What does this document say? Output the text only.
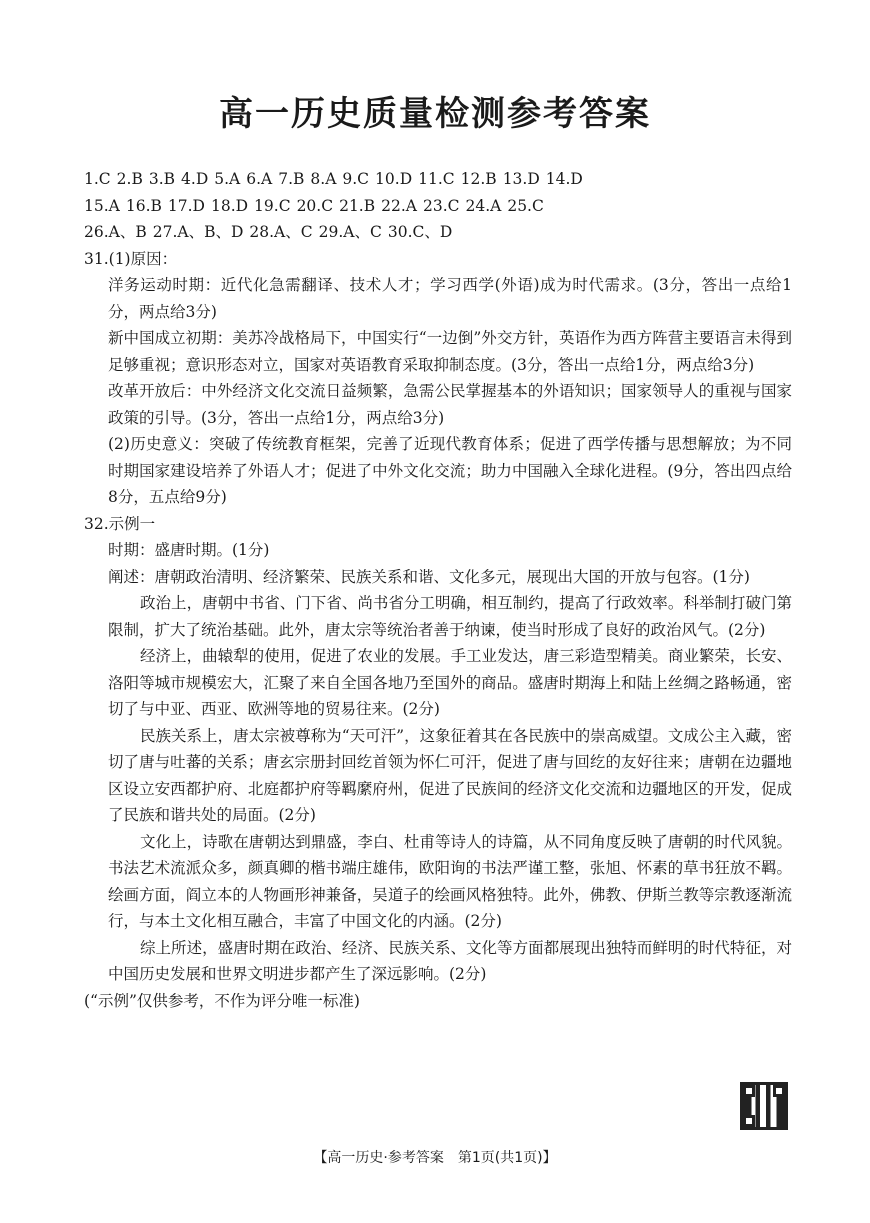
高一历史质量检测参考答案
1.C 2.B 3.B 4.D 5.A 6.A 7.B 8.A 9.C 10.D 11.C 12.B 13.D 14.D
15.A 16.B 17.D 18.D 19.C 20.C 21.B 22.A 23.C 24.A 25.C
26.A、B 27.A、B、D 28.A、C 29.A、C 30.C、D
31.(1)原因：
洋务运动时期：近代化急需翻译、技术人才；学习西学(外语)成为时代需求。(3分，答出一点给1分，两点给3分)
新中国成立初期：美苏冷战格局下，中国实行“一边倒”外交方针，英语作为西方阵营主要语言未得到足够重视；意识形态对立，国家对英语教育采取抑制态度。(3分，答出一点给1分，两点给3分)
改革开放后：中外经济文化交流日益频繁，急需公民掌握基本的外语知识；国家领导人的重视与国家政策的引导。(3分，答出一点给1分，两点给3分)
(2)历史意义：突破了传统教育框架，完善了近现代教育体系；促进了西学传播与思想解放；为不同时期国家建设培养了外语人才；促进了中外文化交流；助力中国融入全球化进程。(9分，答出四点给8分，五点给9分)
32.示例一
时期：盛唐时期。(1分)
阐述：唐朝政治清明、经济繁荣、民族关系和谐、文化多元，展现出大国的开放与包容。(1分)
政治上，唐朝中书省、门下省、尚书省分工明确，相互制约，提高了行政效率。科举制打破门第限制，扩大了统治基础。此外，唐太宗等统治者善于纳谏，使当时形成了良好的政治风气。(2分)
经济上，曲辕犁的使用，促进了农业的发展。手工业发达，唐三彩造型精美。商业繁荣，长安、洛阳等城市规模宏大，汇聚了来自全国各地乃至国外的商品。盛唐时期海上和陆上丝绸之路畅通，密切了与中亚、西亚、欧洲等地的贸易往来。(2分)
民族关系上，唐太宗被尊称为“天可汗”，这象征着其在各民族中的崇高威望。文成公主入藏，密切了唐与吐蕃的关系；唐玄宗册封回纥首领为怀仁可汗，促进了唐与回纥的友好往来；唐朝在边疆地区设立安西都护府、北庭都护府等羁縻府州，促进了民族间的经济文化交流和边疆地区的开发，促成了民族和谐共处的局面。(2分)
文化上，诗歌在唐朝达到鼎盛，李白、杜甫等诗人的诗篇，从不同角度反映了唐朝的时代风貌。书法艺术流派众多，颜真卿的楷书端庄雄伟，欧阳询的书法严谨工整，张旭、怀素的草书狂放不羁。绘画方面，阎立本的人物画形神兼备，吴道子的绘画风格独特。此外，佛教、伊斯兰教等宗教逐渐流行，与本土文化相互融合，丰富了中国文化的内涵。(2分)
综上所述，盛唐时期在政治、经济、民族关系、文化等方面都展现出独特而鲜明的时代特征，对中国历史发展和世界文明进步都产生了深远影响。(2分)
(“示例”仅供参考，不作为评分唯一标准)
【高一历史·参考答案　第1页(共1页)】
